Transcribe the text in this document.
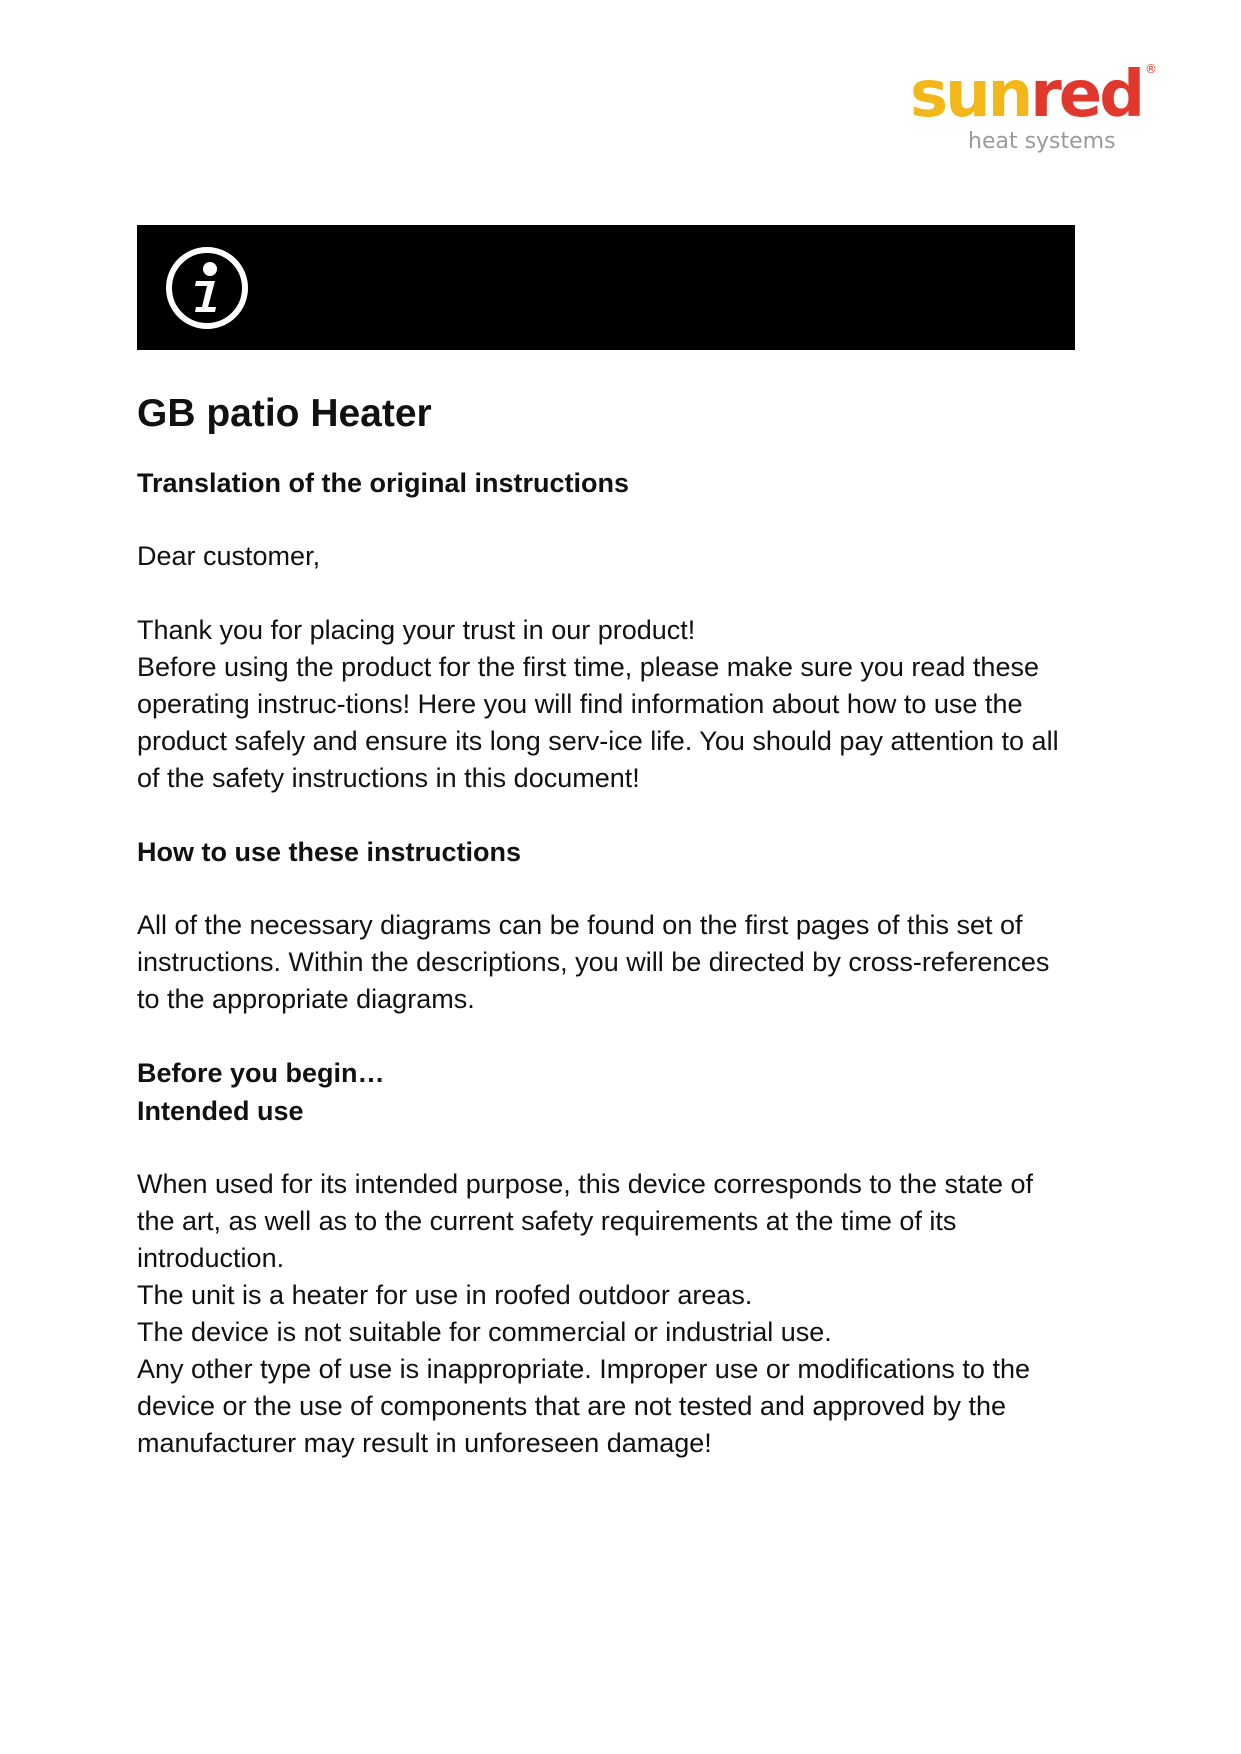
sunred ®
heat systems
GB patio Heater

Translation of the original instructions

Dear customer,

Thank you for placing your trust in our product!

Before using the product for the first time, please make sure you read these

operating instruc-tions! Here you will find information about how to use the

product safely and ensure its long serv-ice life. You should pay attention to all

of the safety instructions in this document!

How to use these instructions

All of the necessary diagrams can be found on the first pages of this set of

instructions. Within the descriptions, you will be directed by cross-references

to the appropriate diagrams.

Before you begin…

Intended use

When used for its intended purpose, this device corresponds to the state of

the art, as well as to the current safety requirements at the time of its

introduction.

The unit is a heater for use in roofed outdoor areas.

The device is not suitable for commercial or industrial use.

Any other type of use is inappropriate. Improper use or modifications to the

device or the use of components that are not tested and approved by the

manufacturer may result in unforeseen damage!
